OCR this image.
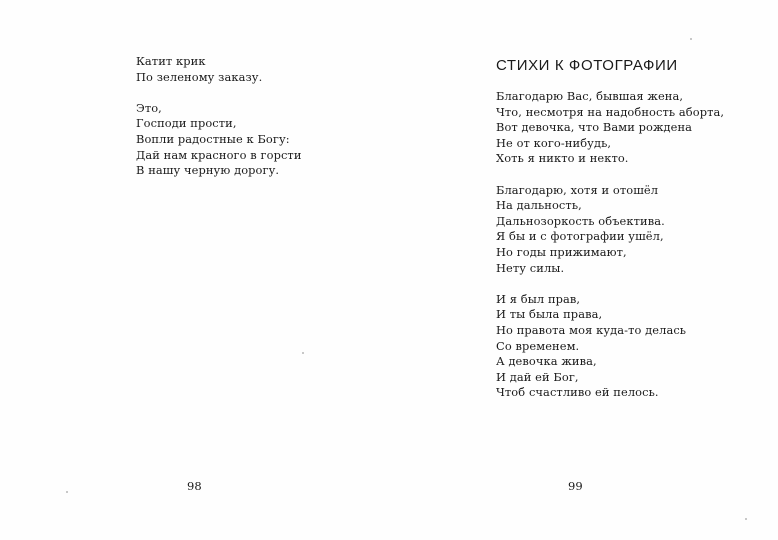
Катит крик
По зеленому заказу.
Это,
Господи прости,
Вопли радостные к Богу:
Дай нам красного в горсти
В нашу черную дорогу.
98
СТИХИ К ФОТОГРАФИИ
Благодарю Вас, бывшая жена,
Что, несмотря на надобность аборта,
Вот девочка, что Вами рождена
Не от кого-нибудь,
Хоть я никто и некто.
Благодарю, хотя и отошёл
На дальность,
Дальнозоркость объектива.
Я бы и с фотографии ушёл,
Но годы прижимают,
Нету силы.
И я был прав,
И ты была права,
Но правота моя куда-то делась
Со временем.
А девочка жива,
И дай ей Бог,
Чтоб счастливо ей пелось.
99
